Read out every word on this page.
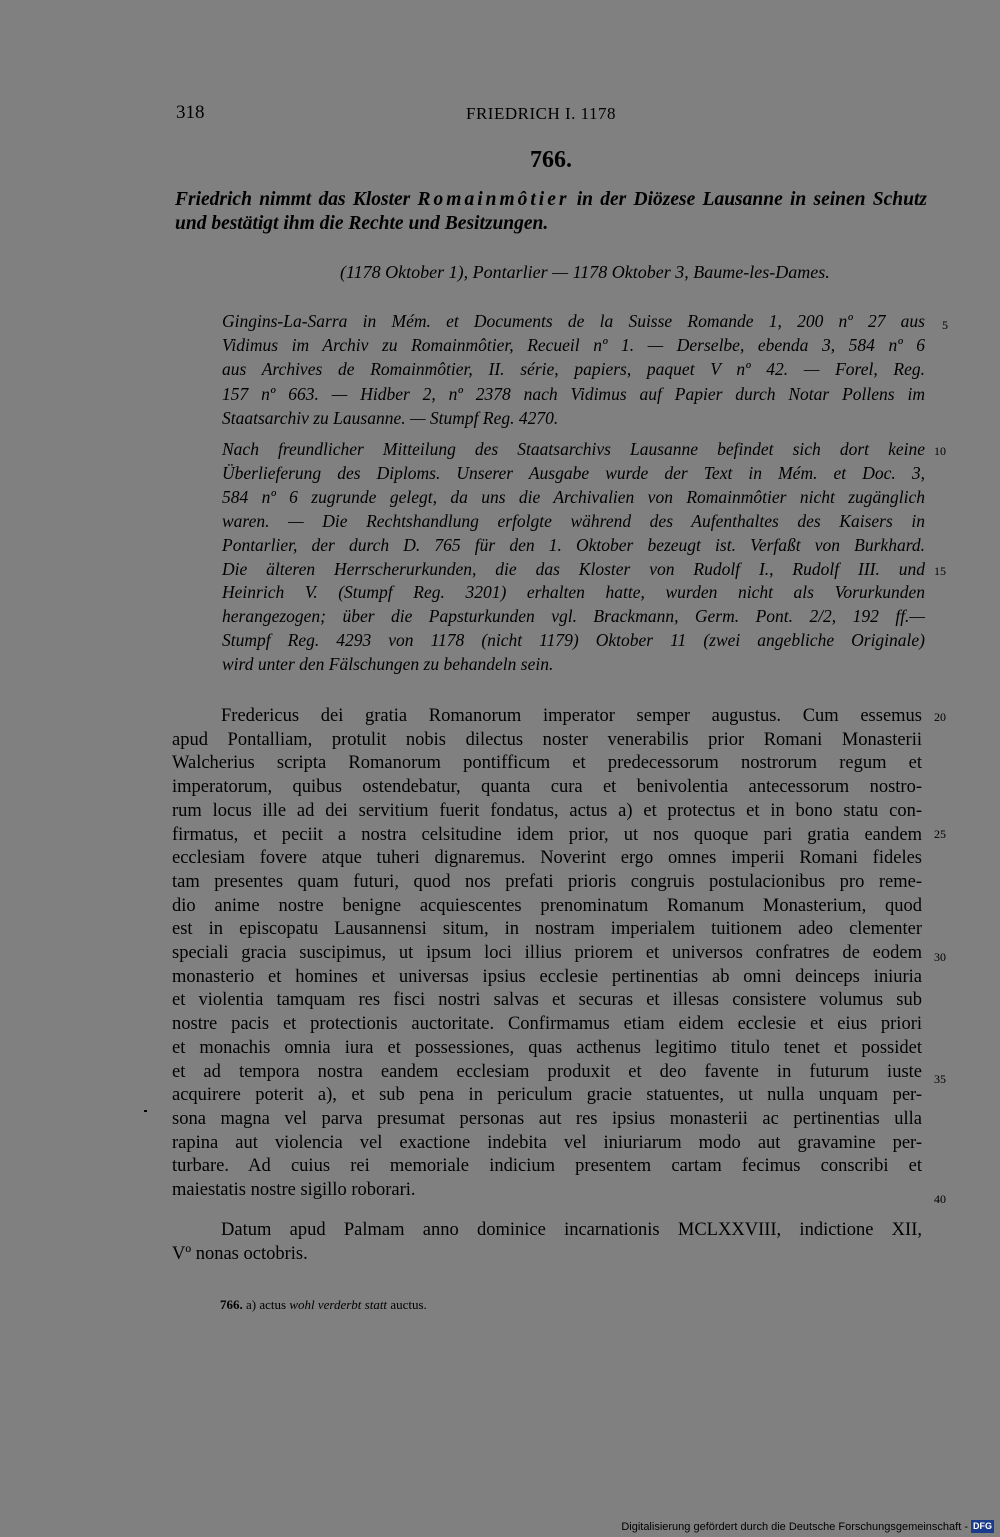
318	FRIEDRICH I. 1178
766.
Friedrich nimmt das Kloster Romainmôtier in der Diözese Lausanne in seinen Schutz und bestätigt ihm die Rechte und Besitzungen.
(1178 Oktober 1), Pontarlier — 1178 Oktober 3, Baume-les-Dames.
Gingins-La-Sarra in Mém. et Documents de la Suisse Romande 1, 200 nº 27 aus
Vidimus im Archiv zu Romainmôtier, Recueil nº 1. — Derselbe, ebenda 3, 584 nº 6
aus Archives de Romainmôtier, II. série, papiers, paquet V nº 42. — Forel, Reg.
157 nº 663. — Hidber 2, nº 2378 nach Vidimus auf Papier durch Notar Pollens im
Staatsarchiv zu Lausanne. — Stumpf Reg. 4270.
Nach freundlicher Mitteilung des Staatsarchivs Lausanne befindet sich dort keine
Überlieferung des Diploms. Unserer Ausgabe wurde der Text in Mém. et Doc. 3,
584 nº 6 zugrunde gelegt, da uns die Archivalien von Romainmôtier nicht zugänglich
waren. — Die Rechtshandlung erfolgte während des Aufenthaltes des Kaisers in
Pontarlier, der durch D. 765 für den 1. Oktober bezeugt ist. Verfaßt von Burkhard.
Die älteren Herrscherurkunden, die das Kloster von Rudolf I., Rudolf III. und
Heinrich V. (Stumpf Reg. 3201) erhalten hatte, wurden nicht als Vorurkunden
herangezogen; über die Papsturkunden vgl. Brackmann, Germ. Pont. 2/2, 192 ff.—
Stumpf Reg. 4293 von 1178 (nicht 1179) Oktober 11 (zwei angebliche Originale)
wird unter den Fälschungen zu behandeln sein.
Fredericus dei gratia Romanorum imperator semper augustus. Cum essemus
apud Pontalliam, protulit nobis dilectus noster venerabilis prior Romani Monasterii
Walcherius scripta Romanorum pontifficum et predecessorum nostrorum regum et
imperatorum, quibus ostendebatur, quanta cura et benivolentia antecessorum nostro-
rum locus ille ad dei servitium fuerit fondatus, actus a) et protectus et in bono statu con-
firmatus, et peciit a nostra celsitudine idem prior, ut nos quoque pari gratia eandem
ecclesiam fovere atque tuheri dignaremus. Noverint ergo omnes imperii Romani fideles
tam presentes quam futuri, quod nos prefati prioris congruis postulacionibus pro reme-
dio anime nostre benigne acquiescentes prenominatum Romanum Monasterium, quod
est in episcopatu Lausannensi situm, in nostram imperialem tuitionem adeo clementer
speciali gracia suscipimus, ut ipsum loci illius priorem et universos confratres de eodem
monasterio et homines et universas ipsius ecclesie pertinentias ab omni deinceps iniuria
et violentia tamquam res fisci nostri salvas et securas et illesas consistere volumus sub
nostre pacis et protectionis auctoritate. Confirmamus etiam eidem ecclesie et eius priori
et monachis omnia iura et possessiones, quas acthenus legitimo titulo tenet et possidet
et ad tempora nostra eandem ecclesiam produxit et deo favente in futurum iuste
acquirere poterit a), et sub pena in periculum gracie statuentes, ut nulla unquam per-
sona magna vel parva presumat personas aut res ipsius monasterii ac pertinentias ulla
rapina aut violencia vel exactione indebita vel iniuriarum modo aut gravamine per-
turbare. Ad cuius rei memoriale indicium presentem cartam fecimus conscribi et
maiestatis nostre sigillo roborari.
Datum apud Palmam anno dominice incarnationis MCLXXVIII, indictione XII,
Vº nonas octobris.
5
10
15
20
25
30
35
40
766. a) actus wohl verderbt statt auctus.
Digitalisierung gefördert durch die Deutsche Forschungsgemeinschaft - DFG
